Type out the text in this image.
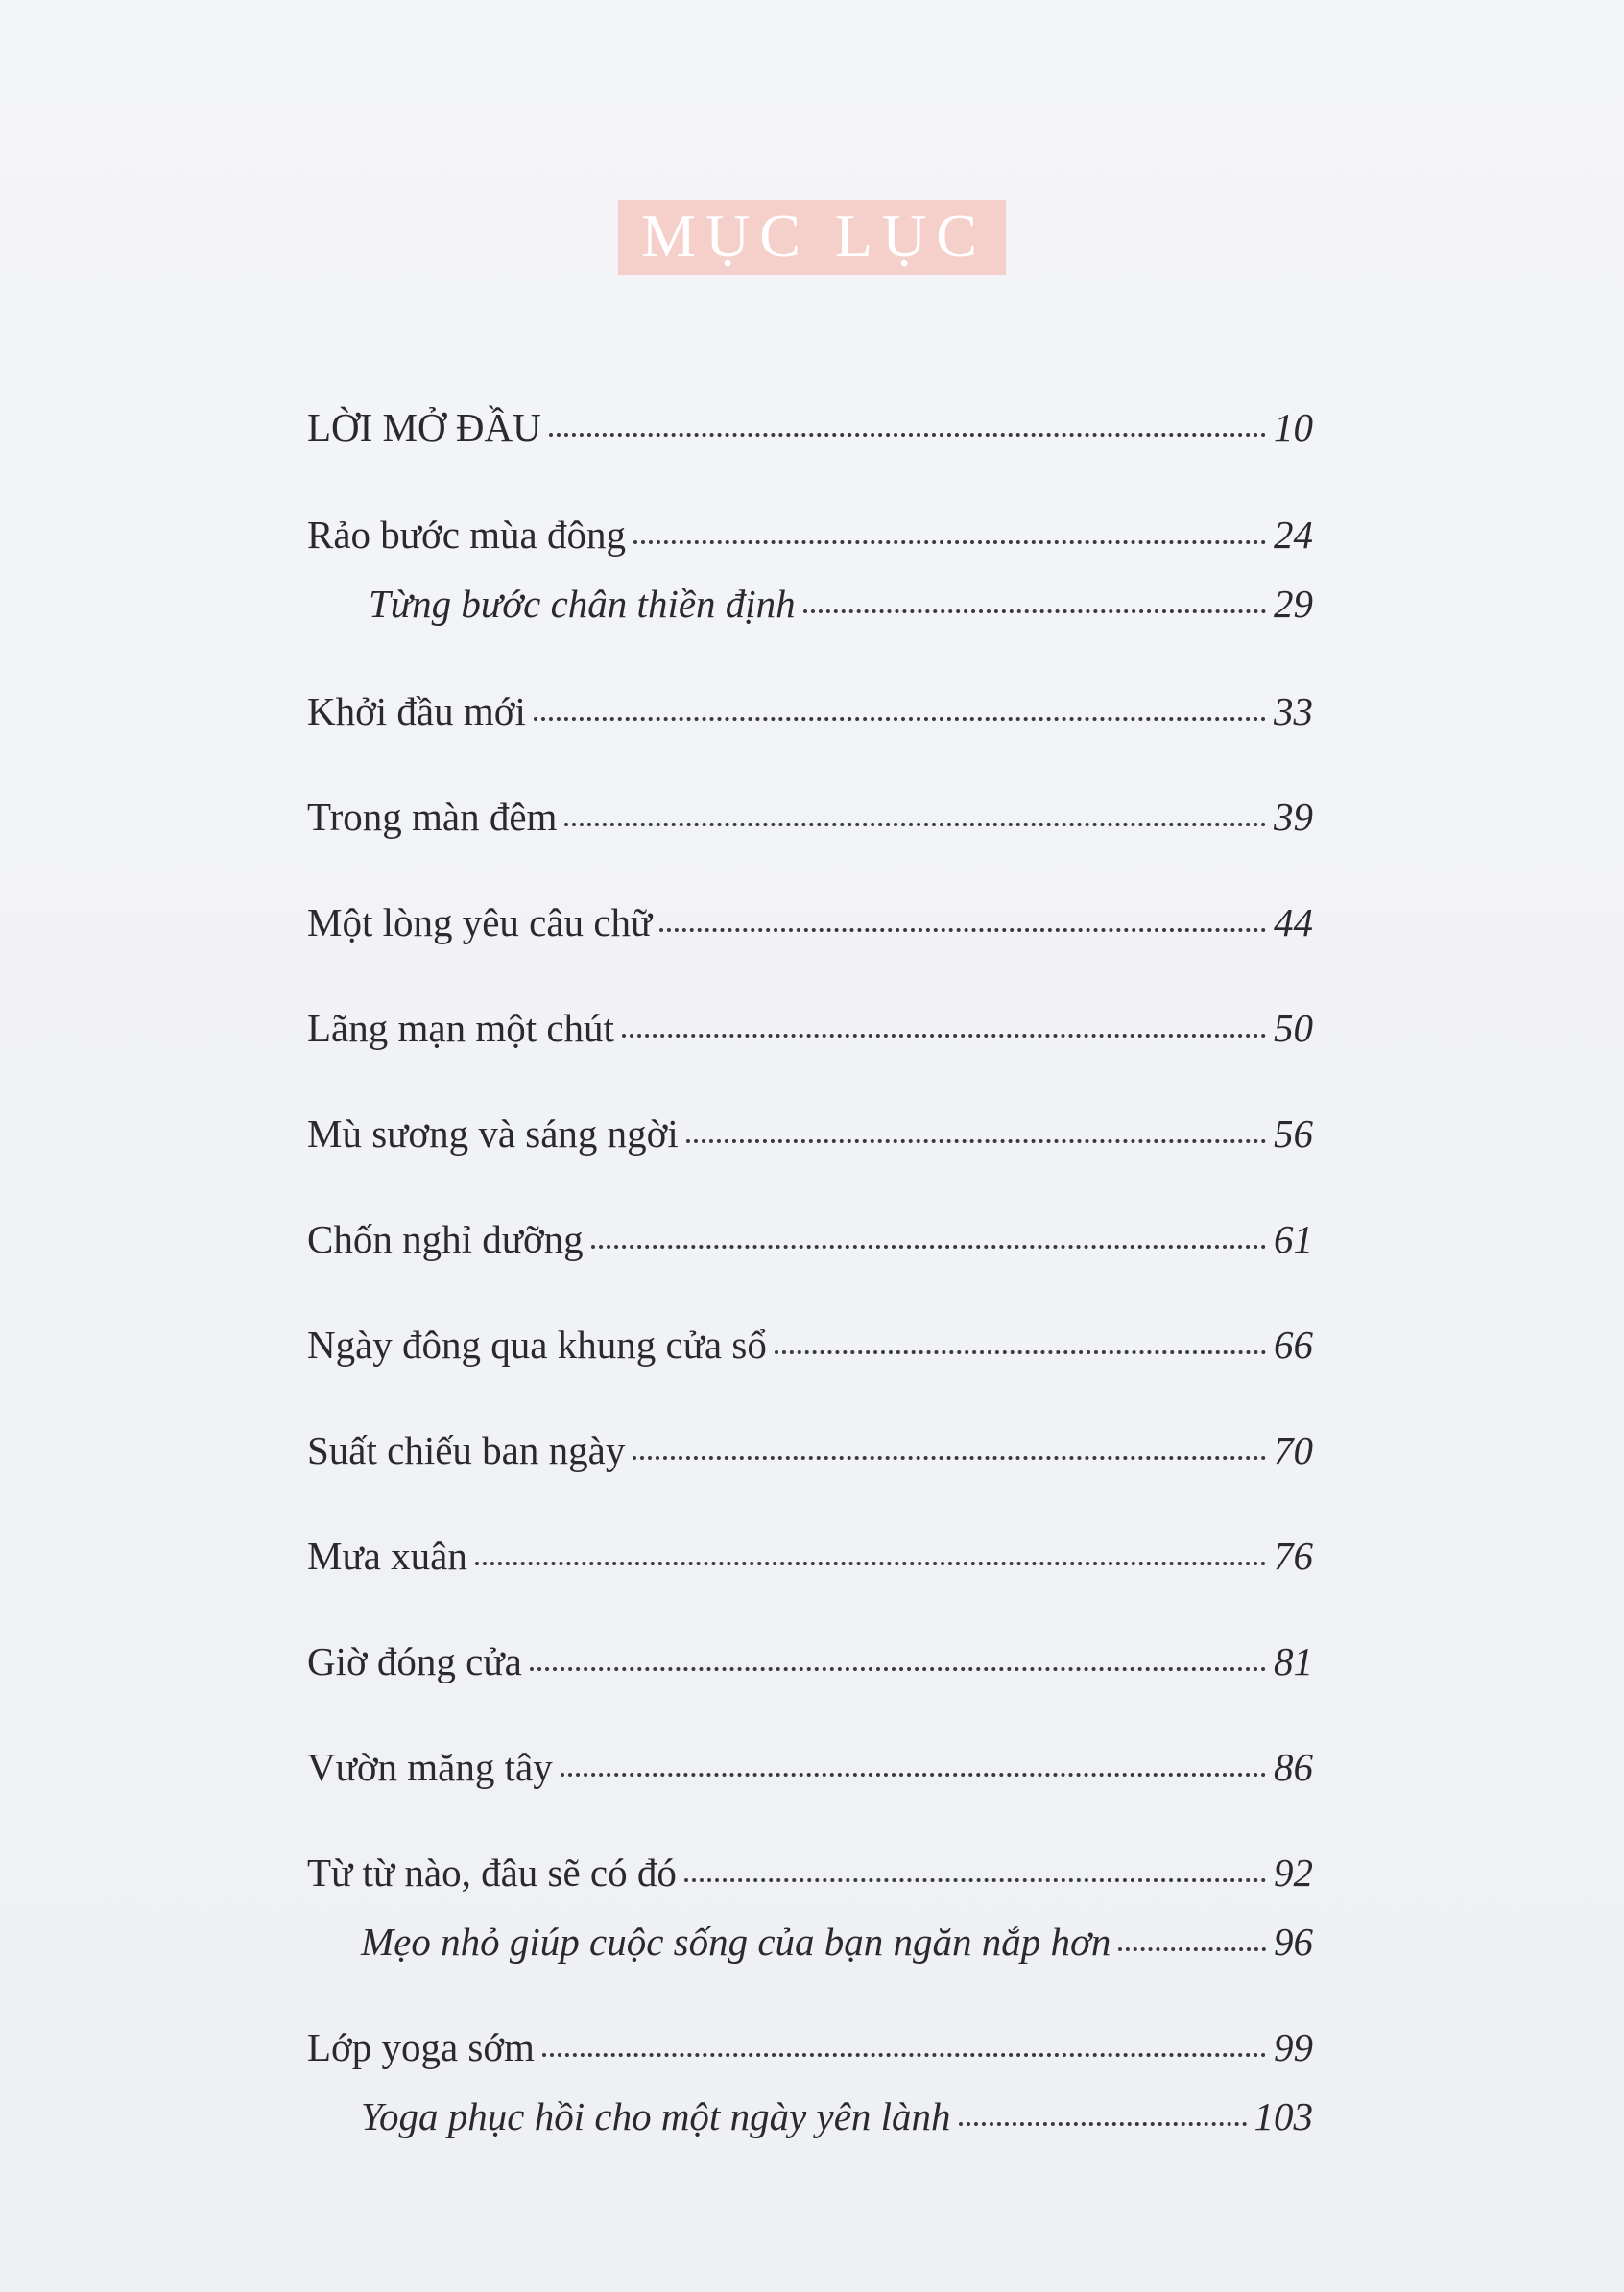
MỤC LỤC
LỜI MỞ ĐẦU	10
Rảo bước mùa đông	24
Từng bước chân thiền định	29
Khởi đầu mới	33
Trong màn đêm	39
Một lòng yêu câu chữ	44
Lãng mạn một chút	50
Mù sương và sáng ngời	56
Chốn nghỉ dưỡng	61
Ngày đông qua khung cửa sổ	66
Suất chiếu ban ngày	70
Mưa xuân	76
Giờ đóng cửa	81
Vườn măng tây	86
Từ từ nào, đâu sẽ có đó	92
Mẹo nhỏ giúp cuộc sống của bạn ngăn nắp hơn	96
Lớp yoga sớm	99
Yoga phục hồi cho một ngày yên lành	103
